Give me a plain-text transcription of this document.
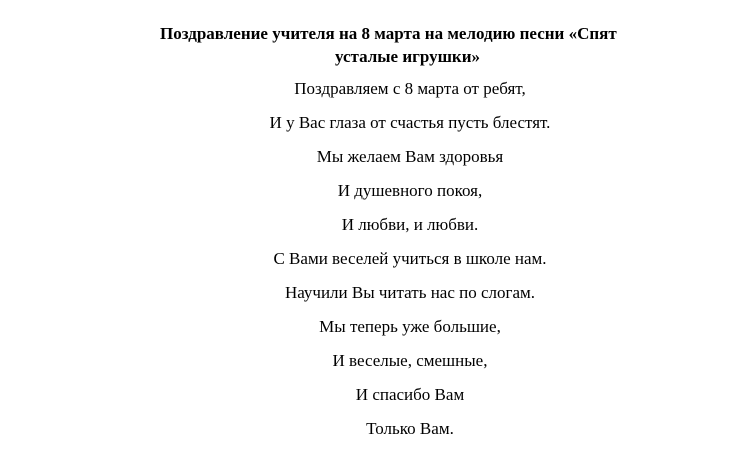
Поздравление учителя на 8 марта на мелодию песни «Спят
усталые игрушки»
Поздравляем с 8 марта от ребят,
И у Вас глаза от счастья пусть блестят.
Мы желаем Вам здоровья
И душевного покоя,
И любви, и любви.
С Вами веселей учиться в школе нам.
Научили Вы читать нас по слогам.
Мы теперь уже большие,
И веселые, смешные,
И спасибо Вам
Только Вам.
